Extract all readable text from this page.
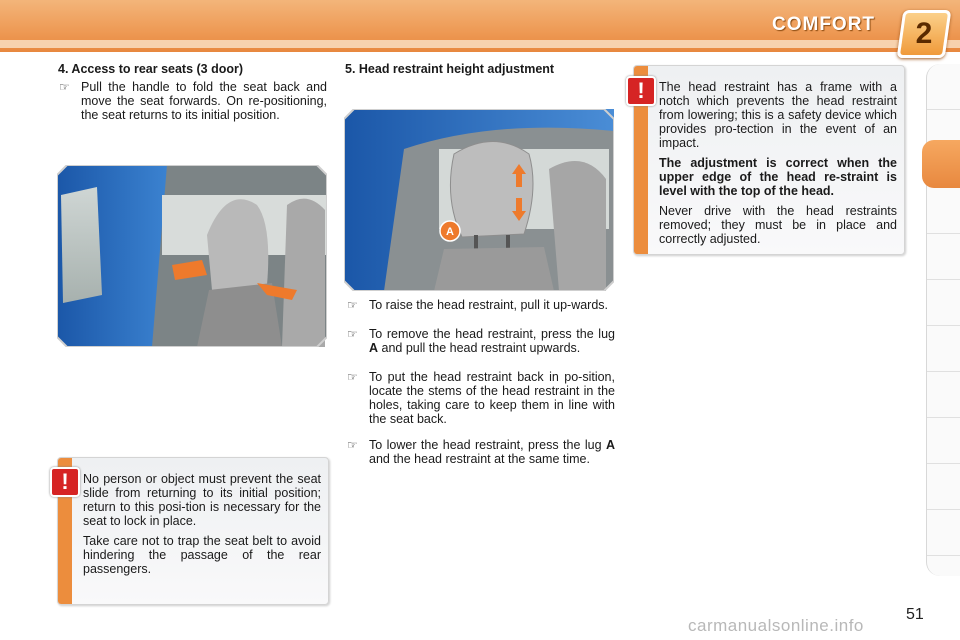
COMFORT	2
4. Access to rear seats (3 door)
☞ Pull the handle to fold the seat back and move the seat forwards. On re-positioning, the seat returns to its initial position.
5. Head restraint height adjustment
A
☞ To raise the head restraint, pull it up-wards.
☞ To remove the head restraint, press the lug A and pull the head restraint upwards.
☞ To put the head restraint back in po-sition, locate the stems of the head restraint in the holes, taking care to keep them in line with the seat back.
☞ To lower the head restraint, press the lug A and the head restraint at the same time.

The head restraint has a frame with a notch which prevents the head restraint from lowering; this is a safety device which provides pro-tection in the event of an impact.

The adjustment is correct when the upper edge of the head re-straint is level with the top of the head.

Never drive with the head restraints removed; they must be in place and correctly adjusted.

!

No person or object must prevent the seat slide from returning to its initial position; return to this posi-tion is necessary for the seat to lock in place.

Take care not to trap the seat belt to avoid hindering the passage of the rear passengers.

!
51
carmanualsonline.info
